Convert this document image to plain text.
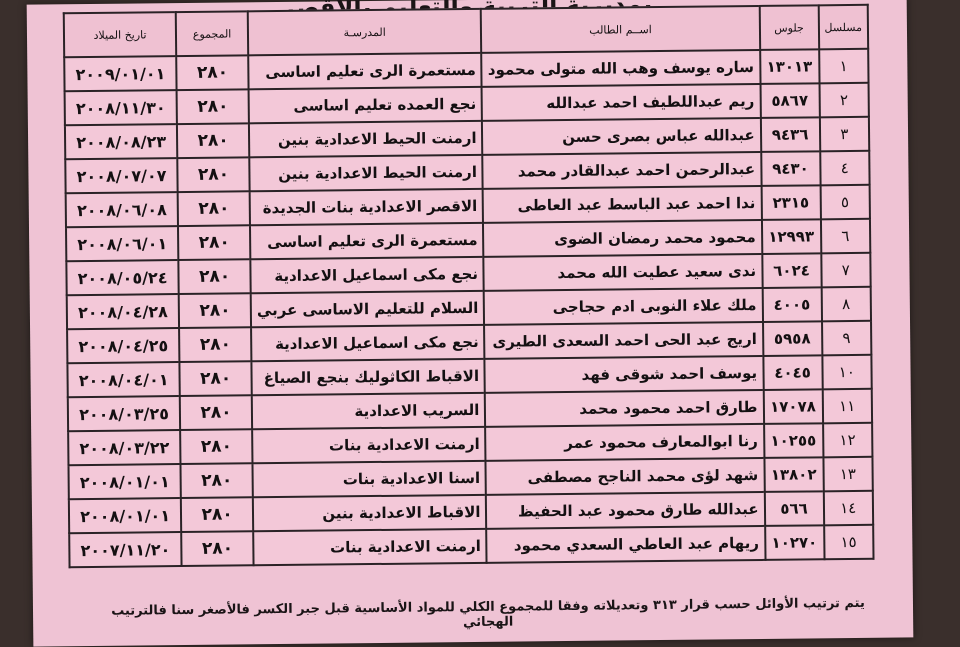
مسلسل	جلوس	اســم الطالب	المدرسـة	المجموع	تاريخ الميلاد
١	١٣٠١٣	ساره يوسف وهب الله متولى محمود	مستعمرة الرى تعليم اساسى	٢٨٠	٢٠٠٩/٠١/٠١
٢	٥٨٦٧	ريم عبداللطيف احمد عبدالله	نجع العمده تعليم اساسى	٢٨٠	٢٠٠٨/١١/٣٠
٣	٩٤٣٦	عبدالله عباس بصرى حسن	ارمنت الحيط الاعدادية بنين	٢٨٠	٢٠٠٨/٠٨/٢٣
٤	٩٤٣٠	عبدالرحمن احمد عبدالقادر محمد	ارمنت الحيط الاعدادية بنين	٢٨٠	٢٠٠٨/٠٧/٠٧
٥	٢٣١٥	ندا احمد عبد الباسط عبد العاطى	الاقصر الاعدادية بنات الجديدة	٢٨٠	٢٠٠٨/٠٦/٠٨
٦	١٢٩٩٣	محمود محمد رمضان الضوى	مستعمرة الرى تعليم اساسى	٢٨٠	٢٠٠٨/٠٦/٠١
٧	٦٠٢٤	ندى سعيد عطيت الله محمد	نجع مكى اسماعيل الاعدادية	٢٨٠	٢٠٠٨/٠٥/٢٤
٨	٤٠٠٥	ملك علاء النوبى ادم حجاجى	السلام للتعليم الاساسى عربي	٢٨٠	٢٠٠٨/٠٤/٢٨
٩	٥٩٥٨	اريج عبد الحى احمد السعدى الطيرى	نجع مكى اسماعيل الاعدادية	٢٨٠	٢٠٠٨/٠٤/٢٥
١٠	٤٠٤٥	يوسف احمد شوقى فهد	الاقباط الكاثوليك بنجع الصياغ	٢٨٠	٢٠٠٨/٠٤/٠١
١١	١٧٠٧٨	طارق احمد محمود محمد	السريب الاعدادية	٢٨٠	٢٠٠٨/٠٣/٢٥
١٢	١٠٢٥٥	رنا ابوالمعارف محمود عمر	ارمنت الاعدادية بنات	٢٨٠	٢٠٠٨/٠٣/٢٢
١٣	١٣٨٠٢	شهد لؤى محمد الناجح مصطفى	اسنا الاعدادية بنات	٢٨٠	٢٠٠٨/٠١/٠١
١٤	٥٦٦	عبدالله طارق محمود عبد الحفيظ	الاقباط الاعدادية بنين	٢٨٠	٢٠٠٨/٠١/٠١
١٥	١٠٢٧٠	ريهام عبد العاطي السعدي محمود	ارمنت الاعدادية بنات	٢٨٠	٢٠٠٧/١١/٢٠
يتم ترتيب الأوائل حسب قرار ٣١٣ وتعديلاته وفقا للمجموع الكلي للمواد الأساسية قبل جبر الكسر فالأصغر سنا فالترتيب الهجائي
